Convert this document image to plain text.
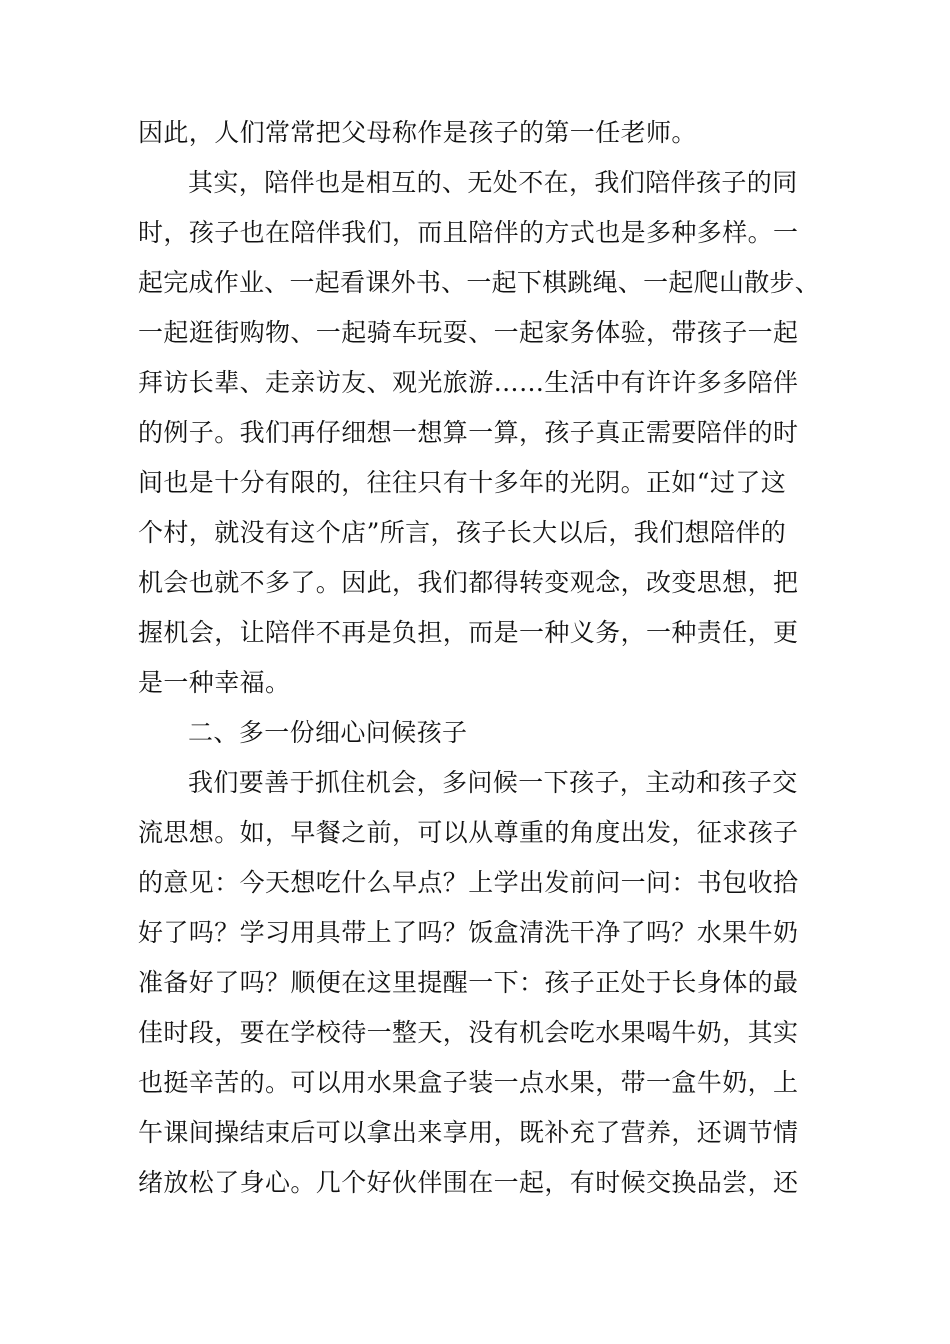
因此，人们常常把父母称作是孩子的第一任老师。
其实，陪伴也是相互的、无处不在，我们陪伴孩子的同
时，孩子也在陪伴我们，而且陪伴的方式也是多种多样。一
起完成作业、一起看课外书、一起下棋跳绳、一起爬山散步、
一起逛街购物、一起骑车玩耍、一起家务体验，带孩子一起
拜访长辈、走亲访友、观光旅游……生活中有许许多多陪伴
的例子。我们再仔细想一想算一算，孩子真正需要陪伴的时
间也是十分有限的，往往只有十多年的光阴。正如“过了这
个村，就没有这个店”所言，孩子长大以后，我们想陪伴的
机会也就不多了。因此，我们都得转变观念，改变思想，把
握机会，让陪伴不再是负担，而是一种义务，一种责任，更
是一种幸福。
二、多一份细心问候孩子
我们要善于抓住机会，多问候一下孩子，主动和孩子交
流思想。如，早餐之前，可以从尊重的角度出发，征求孩子
的意见：今天想吃什么早点？上学出发前问一问：书包收拾
好了吗？学习用具带上了吗？饭盒清洗干净了吗？水果牛奶
准备好了吗？顺便在这里提醒一下：孩子正处于长身体的最
佳时段，要在学校待一整天，没有机会吃水果喝牛奶，其实
也挺辛苦的。可以用水果盒子装一点水果，带一盒牛奶，上
午课间操结束后可以拿出来享用，既补充了营养，还调节情
绪放松了身心。几个好伙伴围在一起，有时候交换品尝，还
